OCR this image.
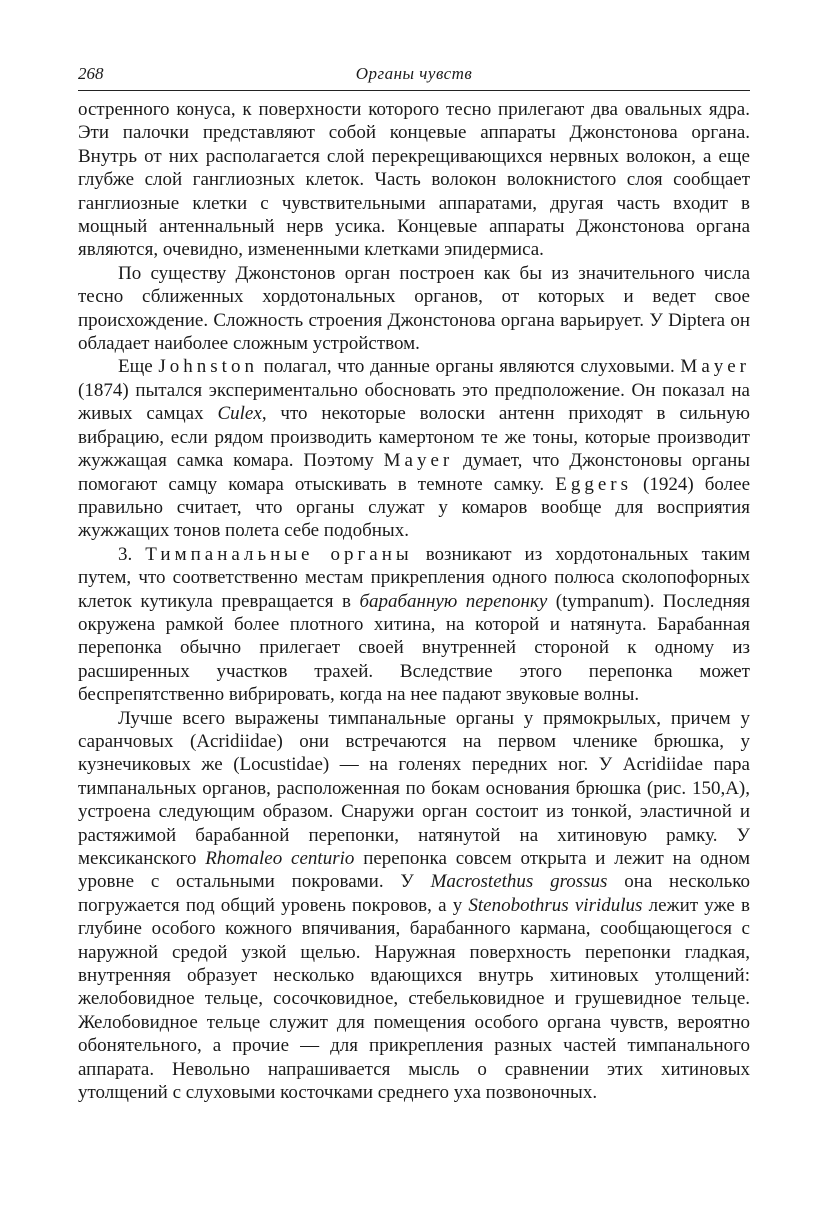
268	Органы чувств

остренного конуса, к поверхности которого тесно прилегают два овальных ядра. Эти палочки представляют собой концевые аппараты Джонстонова органа. Внутрь от них располагается слой перекрещивающихся нервных волокон, а еще глубже слой ганглиозных клеток. Часть волокон волокнистого слоя сообщает ганглиозные клетки с чувствительными аппаратами, другая часть входит в мощный антеннальный нерв усика. Концевые аппараты Джонстонова органа являются, очевидно, измененными клетками эпидермиса.

По существу Джонстонов орган построен как бы из значительного числа тесно сближенных хордотональных органов, от которых и ведет свое происхождение. Сложность строения Джонстонова органа варьирует. У Diptera он обладает наиболее сложным устройством.

Еще Johnston полагал, что данные органы являются слуховыми. Mayer (1874) пытался экспериментально обосновать это предположение. Он показал на живых самцах Culex, что некоторые волоски антенн приходят в сильную вибрацию, если рядом производить камертоном те же тоны, которые производит жужжащая самка комара. Поэтому Mayer думает, что Джонстоновы органы помогают самцу комара отыскивать в темноте самку. Eggers (1924) более правильно считает, что органы служат у комаров вообще для восприятия жужжащих тонов полета себе подобных.

3. Тимпанальные органы возникают из хордотональных таким путем, что соответственно местам прикрепления одного полюса сколопофорных клеток кутикула превращается в барабанную перепонку (tympanum). Последняя окружена рамкой более плотного хитина, на которой и натянута. Барабанная перепонка обычно прилегает своей внутренней стороной к одному из расширенных участков трахей. Вследствие этого перепонка может беспрепятственно вибрировать, когда на нее падают звуковые волны.

Лучше всего выражены тимпанальные органы у прямокрылых, причем у саранчовых (Acridiidae) они встречаются на первом членике брюшка, у кузнечиковых же (Locustidae) — на голенях передних ног. У Acridiidae пара тимпанальных органов, расположенная по бокам основания брюшка (рис. 150,А), устроена следующим образом. Снаружи орган состоит из тонкой, эластичной и растяжимой барабанной перепонки, натянутой на хитиновую рамку. У мексиканского Rhomaleo centurio перепонка совсем открыта и лежит на одном уровне с остальными покровами. У Macrostethus grossus она несколько погружается под общий уровень покровов, а у Stenobothrus viridulus лежит уже в глубине особого кожного впячивания, барабанного кармана, сообщающегося с наружной средой узкой щелью. Наружная поверхность перепонки гладкая, внутренняя образует несколько вдающихся внутрь хитиновых утолщений: желобовидное тельце, сосочковидное, стебельковидное и грушевидное тельце. Желобовидное тельце служит для помещения особого органа чувств, вероятно обонятельного, а прочие — для прикрепления разных частей тимпанального аппарата. Невольно напрашивается мысль о сравнении этих хитиновых утолщений с слуховыми косточками среднего уха позвоночных.
